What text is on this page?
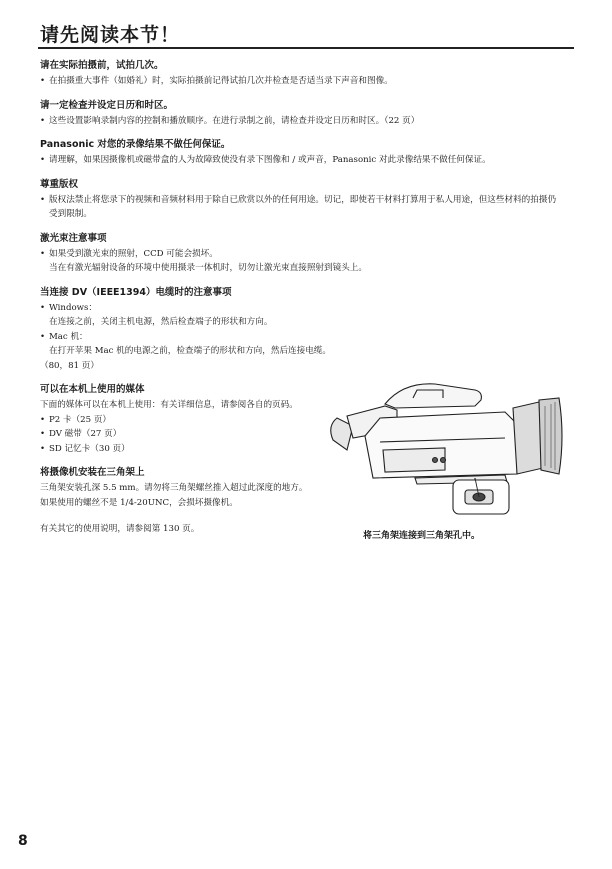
请先阅读本节！
请在实际拍摄前，试拍几次。
• 在拍摄重大事件（如婚礼）时，实际拍摄前记得试拍几次并检查是否适当录下声音和图像。
请一定检查并设定日历和时区。
• 这些设置影响录制内容的控制和播放顺序。在进行录制之前，请检查并设定日历和时区。（22 页）
Panasonic 对您的录像结果不做任何保证。
• 请理解，如果因摄像机或磁带盒的人为故障致使没有录下图像和 / 或声音，Panasonic 对此录像结果不做任何保证。
尊重版权
• 版权法禁止将您录下的视频和音频材料用于除自已欣赏以外的任何用途。切记，即使若干材料打算用于私人用途，但这些材料的拍摄仍受到限制。
激光束注意事项
• 如果受到激光束的照射，CCD 可能会损坏。
当在有激光辐射设备的环境中使用摄录一体机时，切勿让激光束直接照射到镜头上。
当连接 DV（IEEE1394）电缆时的注意事项
• Windows：
在连接之前，关闭主机电源，然后检查端子的形状和方向。
• Mac 机：
在打开苹果 Mac 机的电源之前，检查端子的形状和方向，然后连接电缆。
（80，81 页）
可以在本机上使用的媒体
下面的媒体可以在本机上使用：有关详细信息，请参阅各自的页码。
• P2 卡（25 页）
• DV 磁带（27 页）
• SD 记忆卡（30 页）
将摄像机安装在三角架上
三角架安装孔深 5.5 mm。请勿将三角架螺丝推入超过此深度的地方。
如果使用的螺丝不是 1/4-20UNC，会损坏摄像机。
有关其它的使用说明，请参阅第 130 页。
将三角架连接到三角架孔中。
8
